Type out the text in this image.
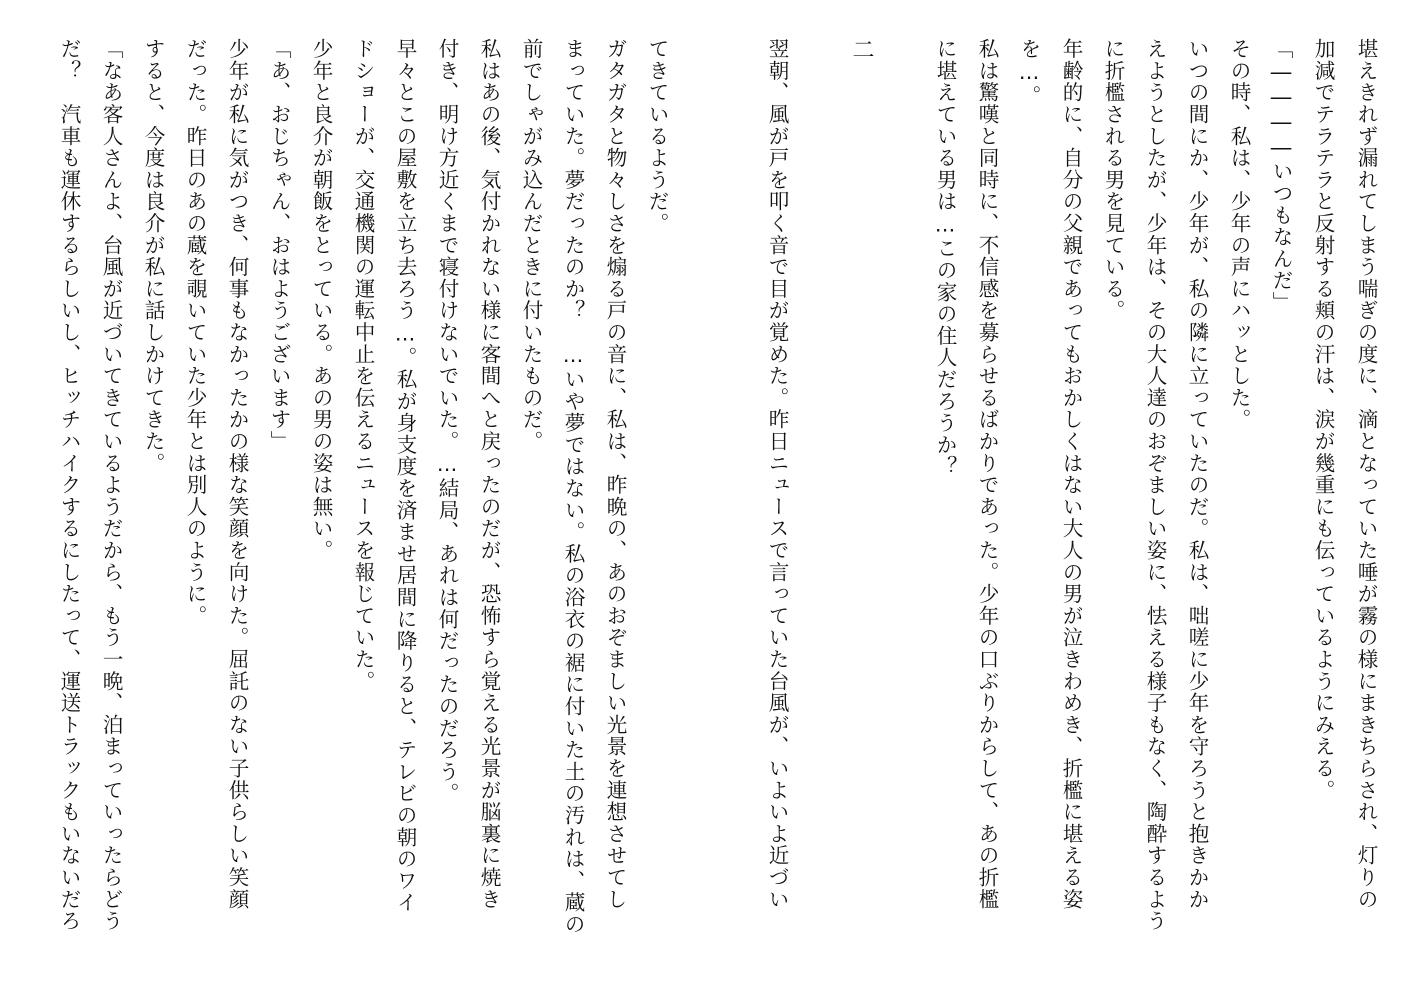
堪えきれず漏れてしまう喘ぎの度に、滴となっていた唾が霧の様にまきちらされ、灯りの
加減でテラテラと反射する頬の汗は、涙が幾重にも伝っているようにみえる。
「――――いつもなんだ」
その時、私は、少年の声にハッとした。
いつの間にか、少年が、私の隣に立っていたのだ。私は、咄嗟に少年を守ろうと抱きかか
えようとしたが、少年は、その大人達のおぞましい姿に、怯える様子もなく、陶酔するよう
に折檻される男を見ている。
年齢的に、自分の父親であってもおかしくはない大人の男が泣きわめき、折檻に堪える姿
を…。
私は驚嘆と同時に、不信感を募らせるばかりであった。少年の口ぶりからして、あの折檻
に堪えている男は…この家の住人だろうか？
二
翌朝、風が戸を叩く音で目が覚めた。昨日ニュースで言っていた台風が、いよいよ近づい
てきているようだ。
ガタガタと物々しさを煽る戸の音に、私は、昨晩の、あのおぞましい光景を連想させてし
まっていた。夢だったのか？　…いや夢ではない。私の浴衣の裾に付いた土の汚れは、蔵の
前でしゃがみ込んだときに付いたものだ。
私はあの後、気付かれない様に客間へと戻ったのだが、恐怖すら覚える光景が脳裏に焼き
付き、明け方近くまで寝付けないでいた。…結局、あれは何だったのだろう。
早々とこの屋敷を立ち去ろう…。私が身支度を済ませ居間に降りると、テレビの朝のワイ
ドショーが、交通機関の運転中止を伝えるニュースを報じていた。
少年と良介が朝飯をとっている。あの男の姿は無い。
「あ、おじちゃん、おはようございます」
少年が私に気がつき、何事もなかったかの様な笑顔を向けた。屈託のない子供らしい笑顔
だった。昨日のあの蔵を覗いていた少年とは別人のように。
すると、今度は良介が私に話しかけてきた。
「なあ客人さんよ、台風が近づいてきているようだから、もう一晩、泊まっていったらどう
だ？　汽車も運休するらしいし、ヒッチハイクするにしたって、運送トラックもいないだろ
